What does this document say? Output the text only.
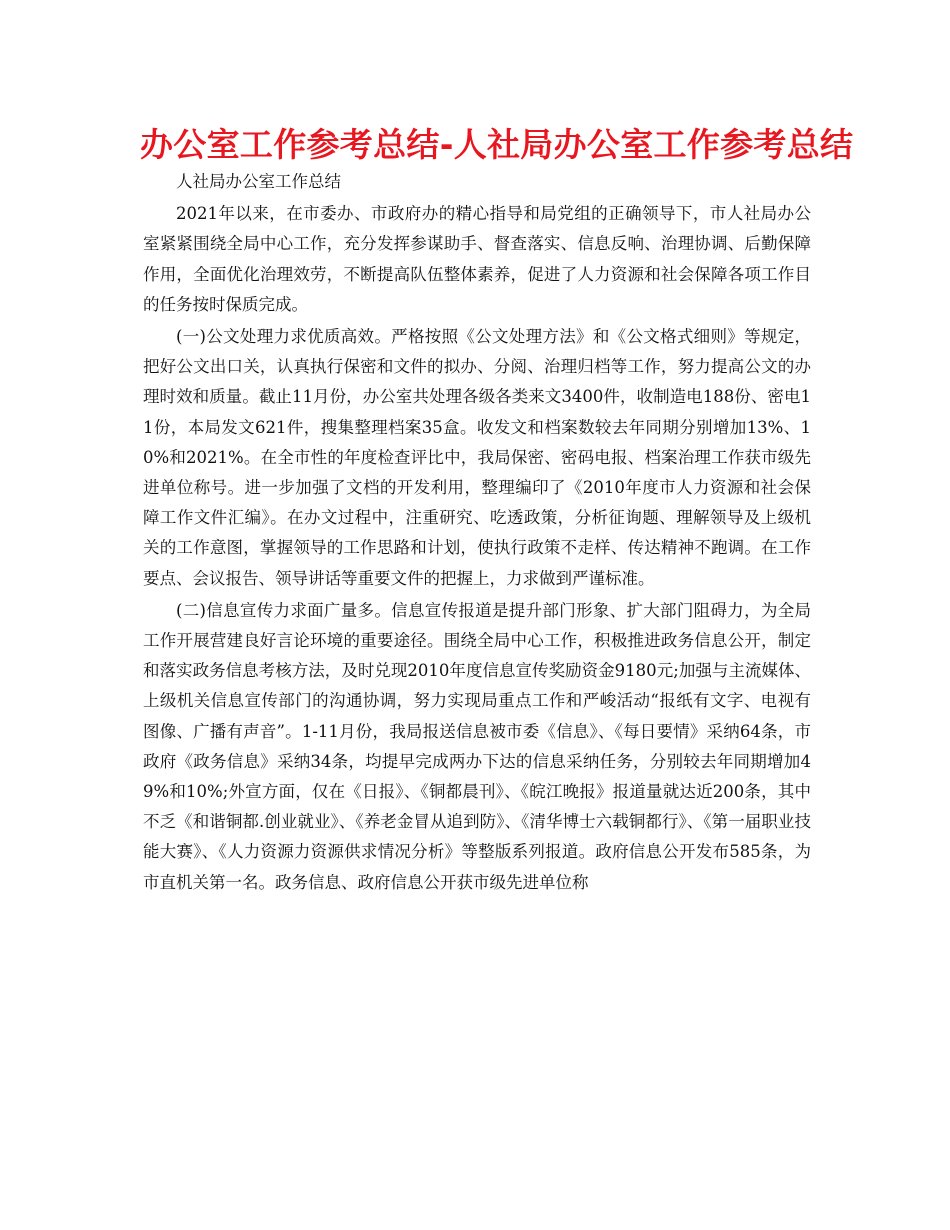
办公室工作参考总结-人社局办公室工作参考总结

人社局办公室工作总结

2021年以来，在市委办、市政府办的精心指导和局党组的正确领导下，市人社局办公室紧紧围绕全局中心工作，充分发挥参谋助手、督查落实、信息反响、治理协调、后勤保障作用，全面优化治理效劳，不断提高队伍整体素养，促进了人力资源和社会保障各项工作目的任务按时保质完成。

(一)公文处理力求优质高效。严格按照《公文处理方法》和《公文格式细则》等规定，把好公文出口关，认真执行保密和文件的拟办、分阅、治理归档等工作，努力提高公文的办理时效和质量。截止11月份，办公室共处理各级各类来文3400件，收制造电188份、密电11份，本局发文621件，搜集整理档案35盒。收发文和档案数较去年同期分别增加13%、10%和2021%。在全市性的年度检查评比中，我局保密、密码电报、档案治理工作获市级先进单位称号。进一步加强了文档的开发利用，整理编印了《2010年度市人力资源和社会保障工作文件汇编》。在办文过程中，注重研究、吃透政策，分析征询题、理解领导及上级机关的工作意图，掌握领导的工作思路和计划，使执行政策不走样、传达精神不跑调。在工作要点、会议报告、领导讲话等重要文件的把握上，力求做到严谨标准。

(二)信息宣传力求面广量多。信息宣传报道是提升部门形象、扩大部门阻碍力，为全局工作开展营建良好言论环境的重要途径。围绕全局中心工作，积极推进政务信息公开，制定和落实政务信息考核方法，及时兑现2010年度信息宣传奖励资金9180元;加强与主流媒体、上级机关信息宣传部门的沟通协调，努力实现局重点工作和严峻活动“报纸有文字、电视有图像、广播有声音”。1-11月份，我局报送信息被市委《信息》、《每日要情》采纳64条，市政府《政务信息》采纳34条，均提早完成两办下达的信息采纳任务，分别较去年同期增加49%和10%;外宣方面，仅在《日报》、《铜都晨刊》、《皖江晚报》报道量就达近200条，其中不乏《和谐铜都.创业就业》、《养老金冒从追到防》、《清华博士六载铜都行》、《第一届职业技能大赛》、《人力资源力资源供求情况分析》等整版系列报道。政府信息公开发布585条，为市直机关第一名。政务信息、政府信息公开获市级先进单位称
